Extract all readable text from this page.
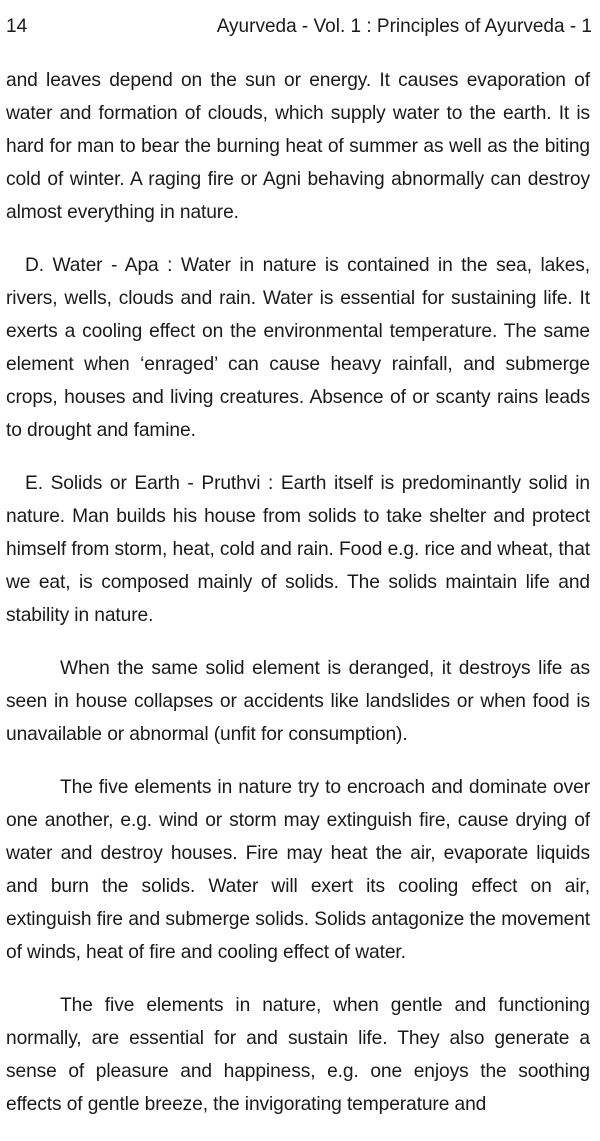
14	Ayurveda - Vol. 1 : Principles of Ayurveda - 1

and leaves depend on the sun or energy. It causes evaporation of water and formation of clouds, which supply water to the earth. It is hard for man to bear the burning heat of summer as well as the biting cold of winter. A raging fire or Agni behaving abnormally can destroy almost everything in nature.

D. Water - Apa : Water in nature is contained in the sea, lakes, rivers, wells, clouds and rain. Water is essential for sustaining life. It exerts a cooling effect on the environmental temperature. The same element when ‘enraged’ can cause heavy rainfall, and submerge crops, houses and living creatures. Absence of or scanty rains leads to drought and famine.

E. Solids or Earth - Pruthvi : Earth itself is predominantly solid in nature. Man builds his house from solids to take shelter and protect himself from storm, heat, cold and rain. Food e.g. rice and wheat, that we eat, is composed mainly of solids. The solids maintain life and stability in nature.

When the same solid element is deranged, it destroys life as seen in house collapses or accidents like landslides or when food is unavailable or abnormal (unfit for consumption).

The five elements in nature try to encroach and dominate over one another, e.g. wind or storm may extinguish fire, cause drying of water and destroy houses. Fire may heat the air, evaporate liquids and burn the solids. Water will exert its cooling effect on air, extinguish fire and submerge solids. Solids antagonize the movement of winds, heat of fire and cooling effect of water.

The five elements in nature, when gentle and functioning normally, are essential for and sustain life. They also generate a sense of pleasure and happiness, e.g. one enjoys the soothing effects of gentle breeze, the invigorating temperature and
